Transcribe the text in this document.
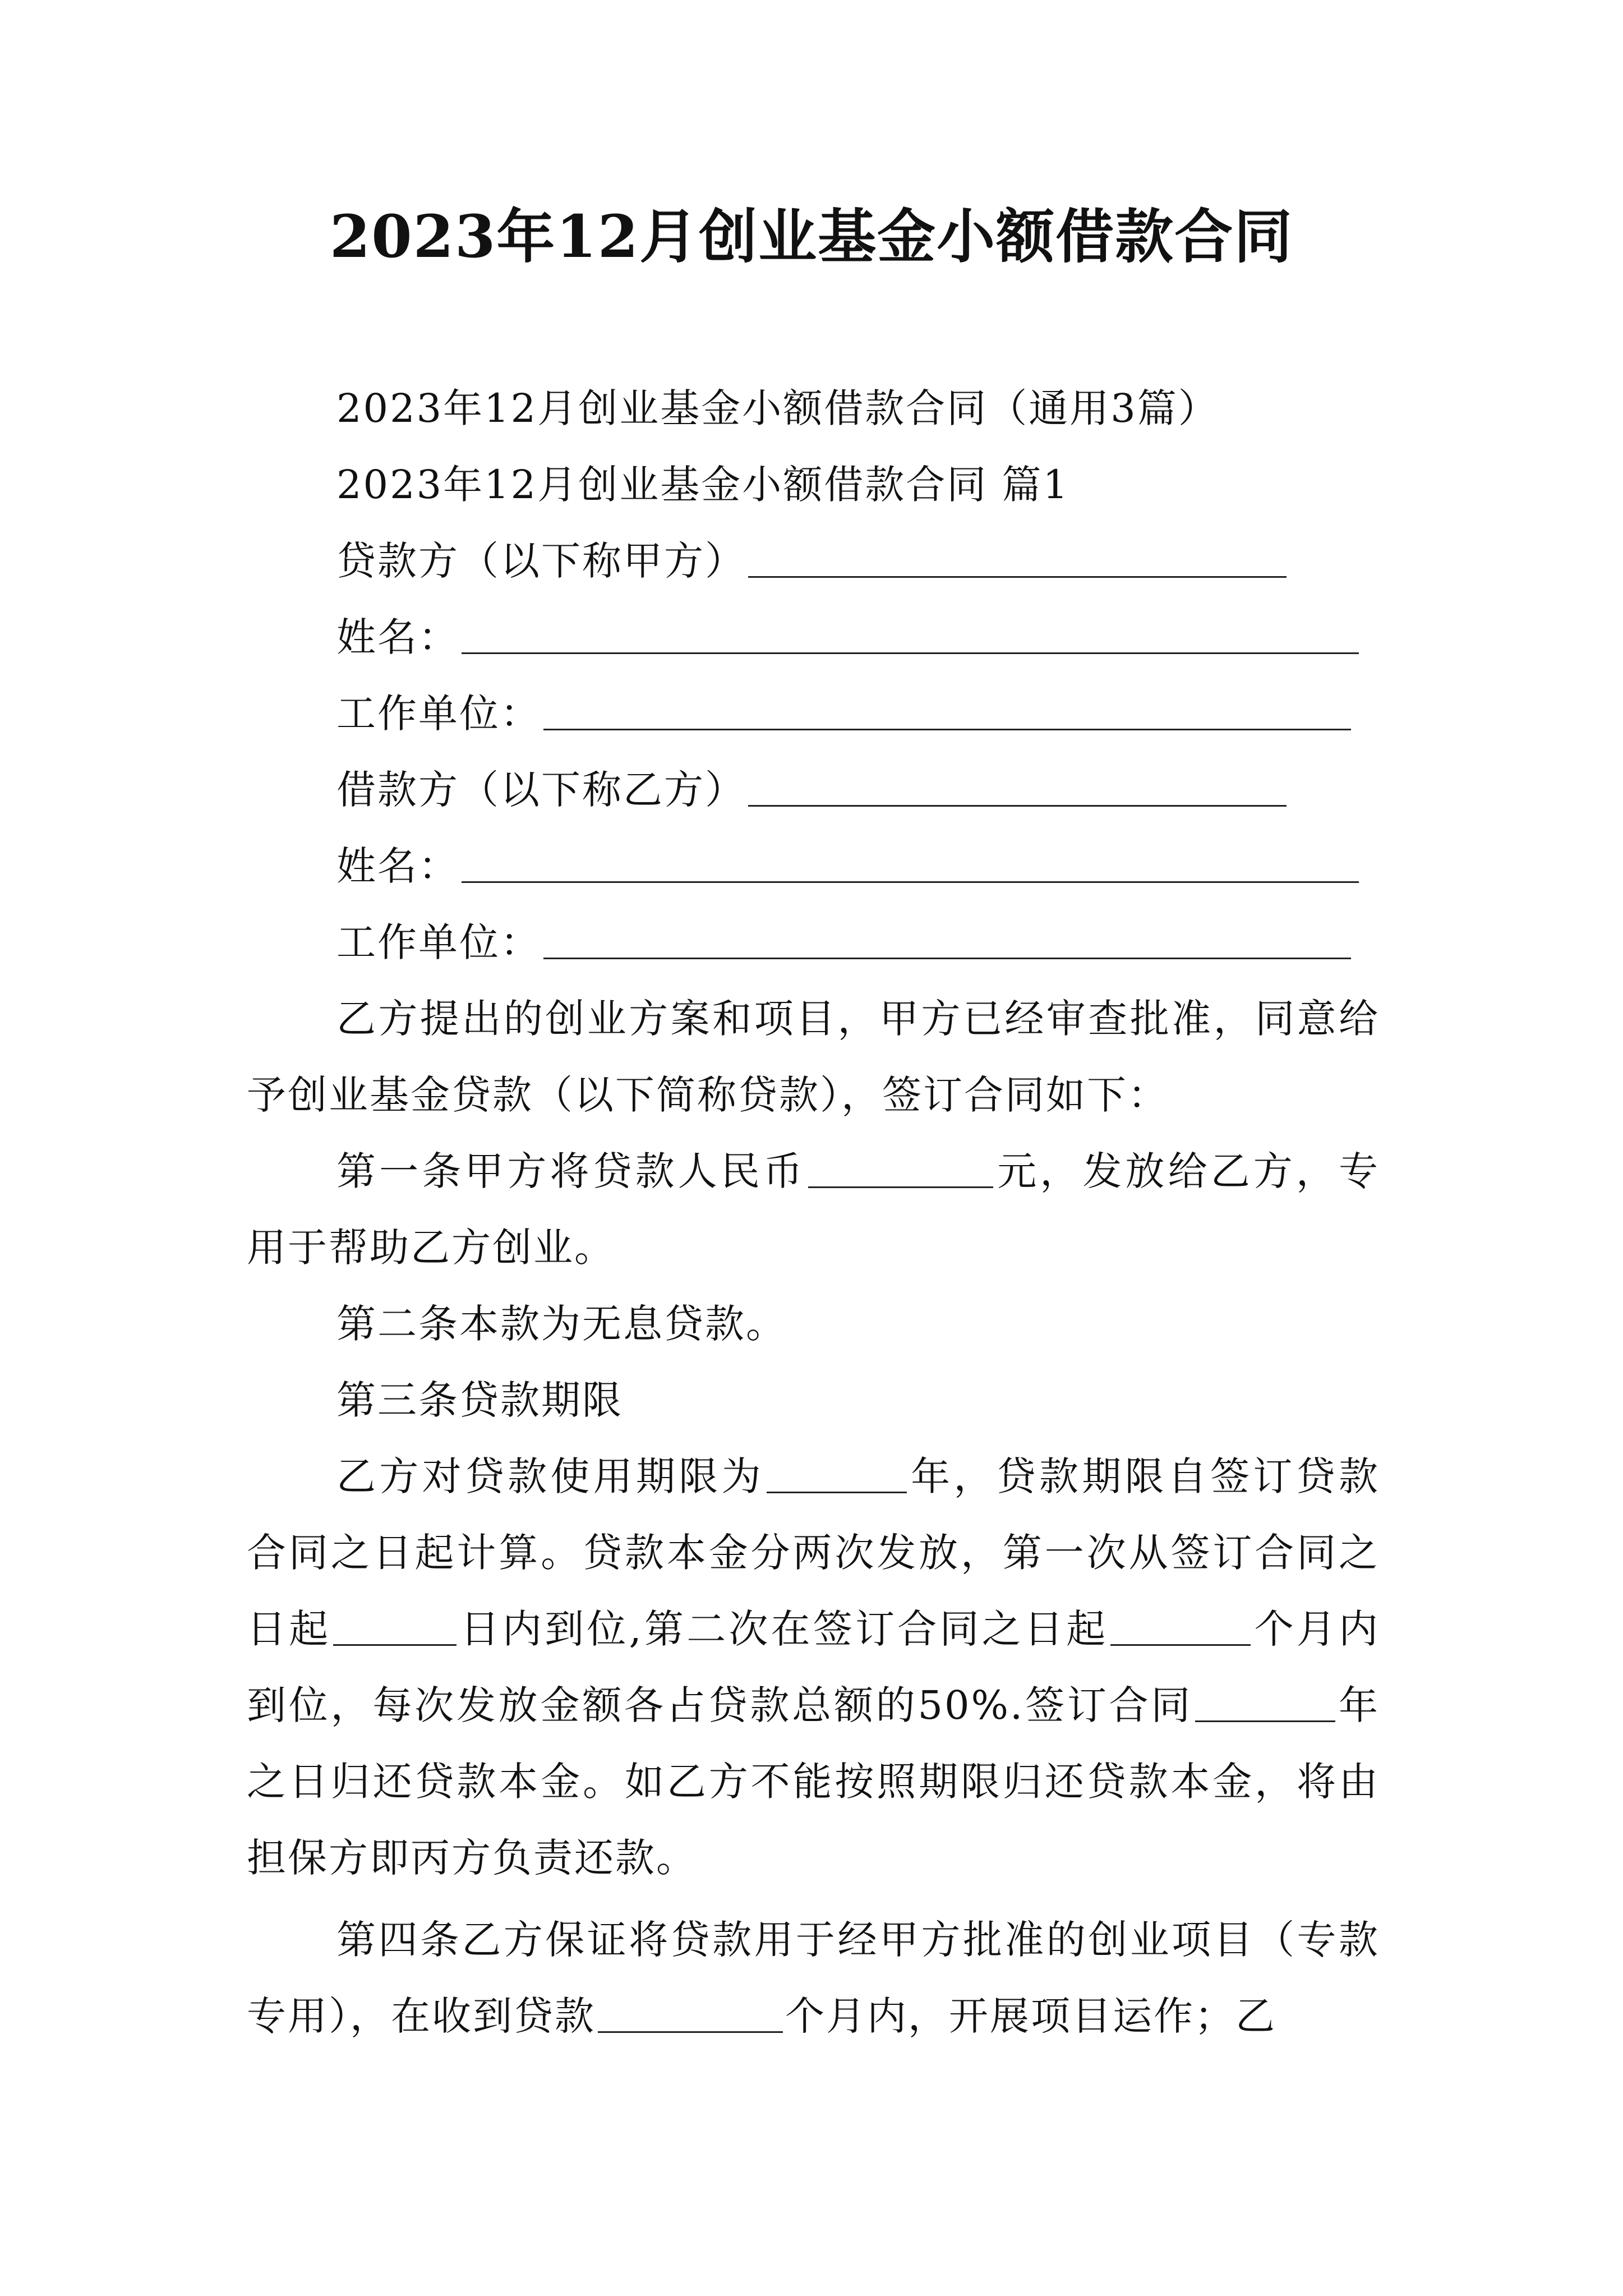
2023年12月创业基金小额借款合同

2023年12月创业基金小额借款合同（通用3篇）

2023年12月创业基金小额借款合同 篇1

贷款方（以下称甲方）

姓名：

工作单位：

借款方（以下称乙方）

姓名：

工作单位：

乙方提出的创业方案和项目，甲方已经审查批准，同意给予创业基金贷款（以下简称贷款），签订合同如下：

第一条甲方将贷款人民币	元，发放给乙方，专用于帮助乙方创业。

第二条本款为无息贷款。

第三条贷款期限

乙方对贷款使用期限为	年，贷款期限自签订贷款合同之日起计算。贷款本金分两次发放，第一次从签订合同之日起	日内到位,第二次在签订合同之日起	个月内到位，每次发放金额各占贷款总额的50%.签订合同	年之日归还贷款本金。如乙方不能按照期限归还贷款本金，将由担保方即丙方负责还款。

第四条乙方保证将贷款用于经甲方批准的创业项目（专款专用），在收到贷款	个月内，开展项目运作；乙
